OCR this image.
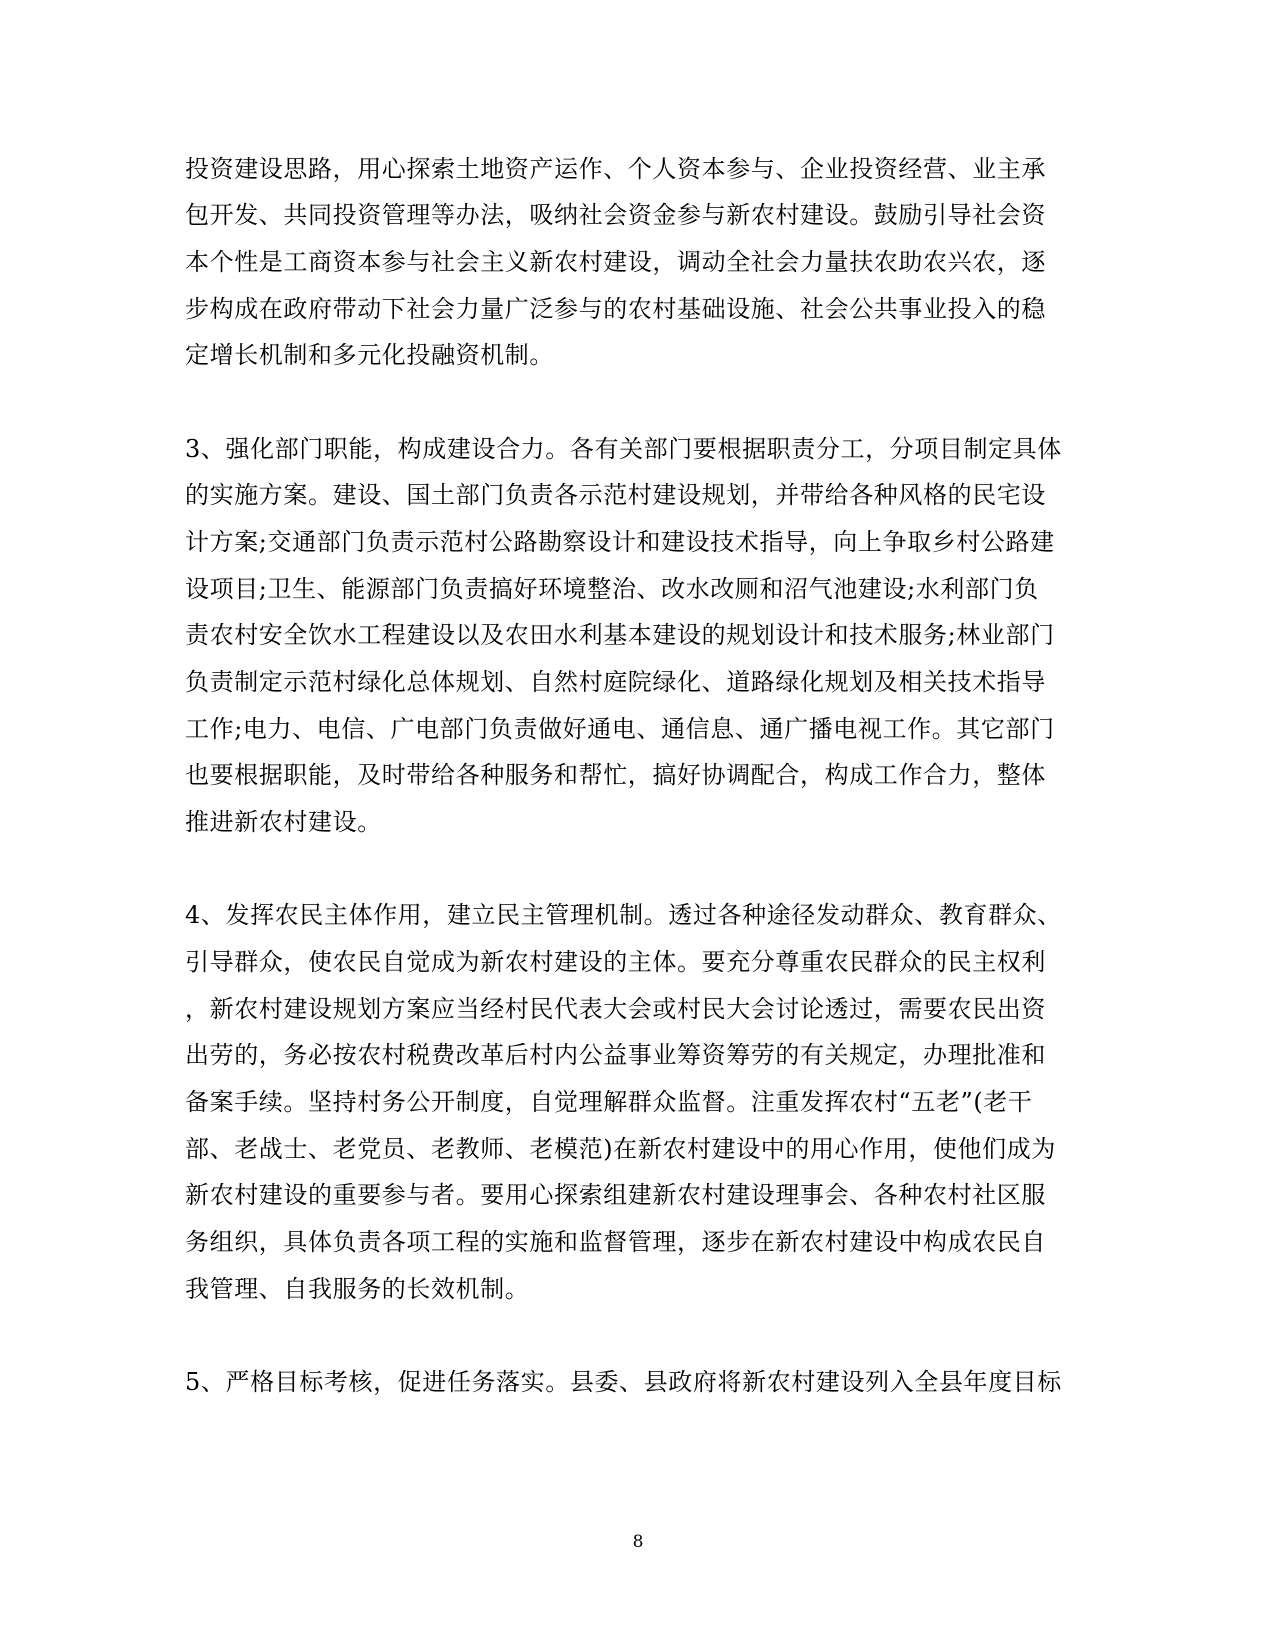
投资建设思路，用心探索土地资产运作、个人资本参与、企业投资经营、业主承
包开发、共同投资管理等办法，吸纳社会资金参与新农村建设。鼓励引导社会资
本个性是工商资本参与社会主义新农村建设，调动全社会力量扶农助农兴农，逐
步构成在政府带动下社会力量广泛参与的农村基础设施、社会公共事业投入的稳
定增长机制和多元化投融资机制。
3、强化部门职能，构成建设合力。各有关部门要根据职责分工，分项目制定具体
的实施方案。建设、国土部门负责各示范村建设规划，并带给各种风格的民宅设
计方案;交通部门负责示范村公路勘察设计和建设技术指导，向上争取乡村公路建
设项目;卫生、能源部门负责搞好环境整治、改水改厕和沼气池建设;水利部门负
责农村安全饮水工程建设以及农田水利基本建设的规划设计和技术服务;林业部门
负责制定示范村绿化总体规划、自然村庭院绿化、道路绿化规划及相关技术指导
工作;电力、电信、广电部门负责做好通电、通信息、通广播电视工作。其它部门
也要根据职能，及时带给各种服务和帮忙，搞好协调配合，构成工作合力，整体
推进新农村建设。
4、发挥农民主体作用，建立民主管理机制。透过各种途径发动群众、教育群众、
引导群众，使农民自觉成为新农村建设的主体。要充分尊重农民群众的民主权利
，新农村建设规划方案应当经村民代表大会或村民大会讨论透过，需要农民出资
出劳的，务必按农村税费改革后村内公益事业筹资筹劳的有关规定，办理批准和
备案手续。坚持村务公开制度，自觉理解群众监督。注重发挥农村“五老”(老干
部、老战士、老党员、老教师、老模范)在新农村建设中的用心作用，使他们成为
新农村建设的重要参与者。要用心探索组建新农村建设理事会、各种农村社区服
务组织，具体负责各项工程的实施和监督管理，逐步在新农村建设中构成农民自
我管理、自我服务的长效机制。
5、严格目标考核，促进任务落实。县委、县政府将新农村建设列入全县年度目标
8
